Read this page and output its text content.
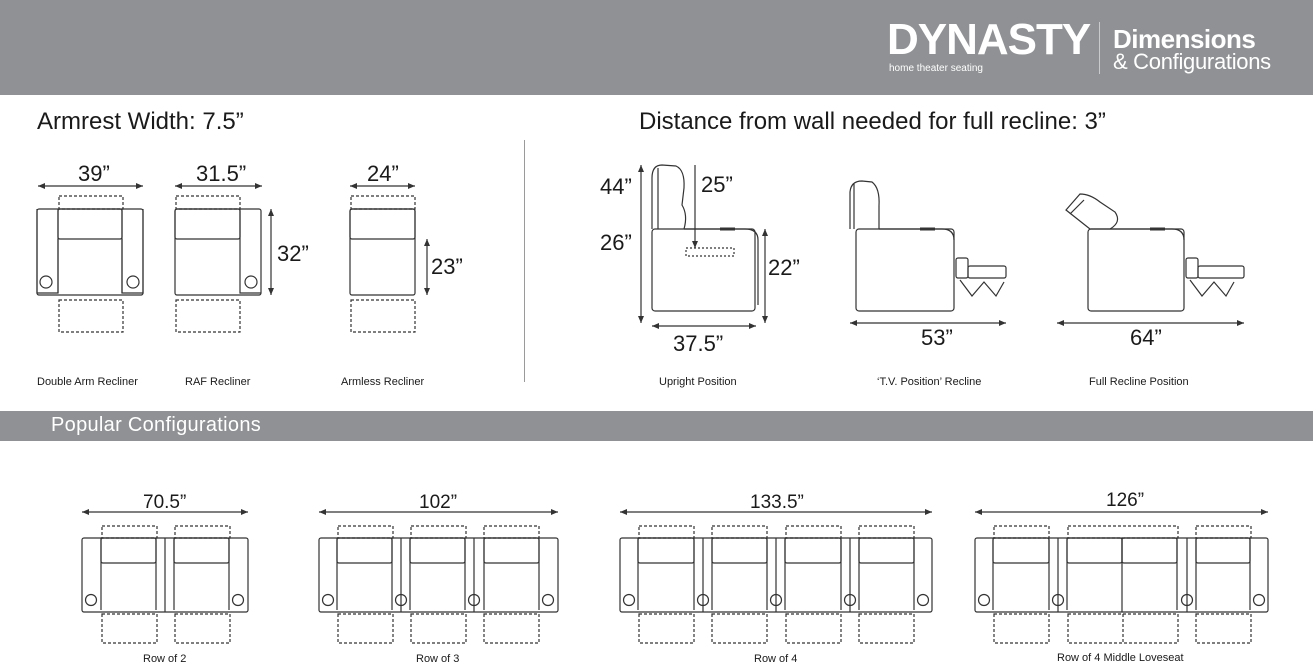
DYNASTY
home theater seating
Dimensions
& Configurations
Armrest Width: 7.5”	Distance from wall needed for full recline: 3”
Popular Configurations
39”	31.5”
32”
24”
23”
Double Arm Recliner	RAF Recliner	Armless Recliner
44”
26”
25”
22”
37.5”	53”	64”
Upright Position	‘T.V. Position’ Recline	Full Recline Position
70.5”	102”	133.5”	126”
Row of 2	Row of 3	Row of 4	Row of 4 Middle Loveseat
